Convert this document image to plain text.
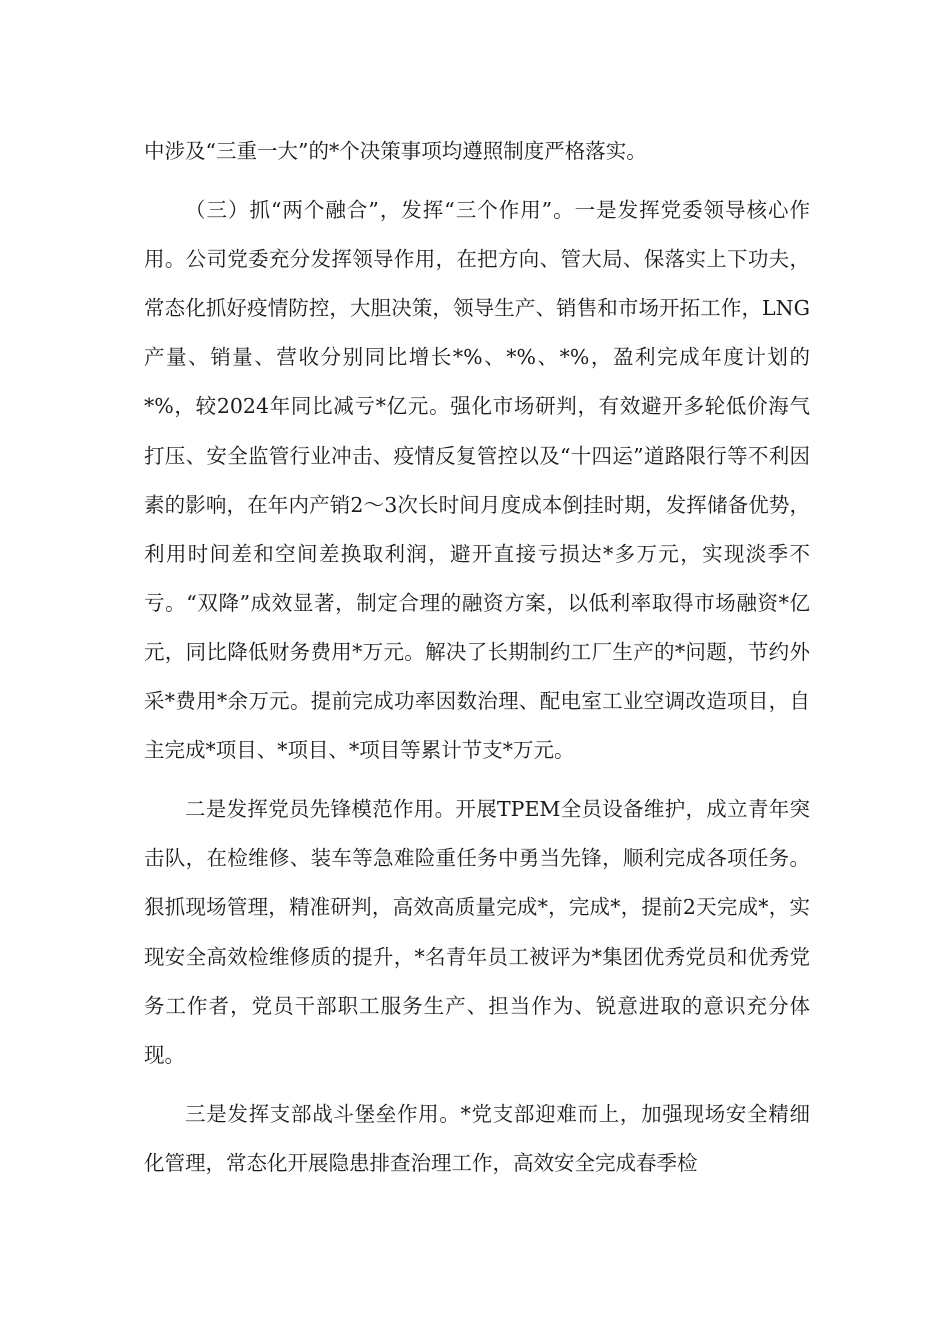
中涉及“三重一大”的*个决策事项均遵照制度严格落实。

（三）抓“两个融合”，发挥“三个作用”。一是发挥党委领导核心作用。公司党委充分发挥领导作用，在把方向、管大局、保落实上下功夫，常态化抓好疫情防控，大胆决策，领导生产、销售和市场开拓工作，LNG产量、销量、营收分别同比增长*%、*%、*%，盈利完成年度计划的*%，较2024年同比减亏*亿元。强化市场研判，有效避开多轮低价海气打压、安全监管行业冲击、疫情反复管控以及“十四运”道路限行等不利因素的影响，在年内产销2～3次长时间月度成本倒挂时期，发挥储备优势，利用时间差和空间差换取利润，避开直接亏损达*多万元，实现淡季不亏。“双降”成效显著，制定合理的融资方案，以低利率取得市场融资*亿元，同比降低财务费用*万元。解决了长期制约工厂生产的*问题，节约外采*费用*余万元。提前完成功率因数治理、配电室工业空调改造项目，自主完成*项目、*项目、*项目等累计节支*万元。

二是发挥党员先锋模范作用。开展TPEM全员设备维护，成立青年突击队，在检维修、装车等急难险重任务中勇当先锋，顺利完成各项任务。狠抓现场管理，精准研判，高效高质量完成*，完成*，提前2天完成*，实现安全高效检维修质的提升，*名青年员工被评为*集团优秀党员和优秀党务工作者，党员干部职工服务生产、担当作为、锐意进取的意识充分体现。

三是发挥支部战斗堡垒作用。*党支部迎难而上，加强现场安全精细化管理，常态化开展隐患排查治理工作，高效安全完成春季检
